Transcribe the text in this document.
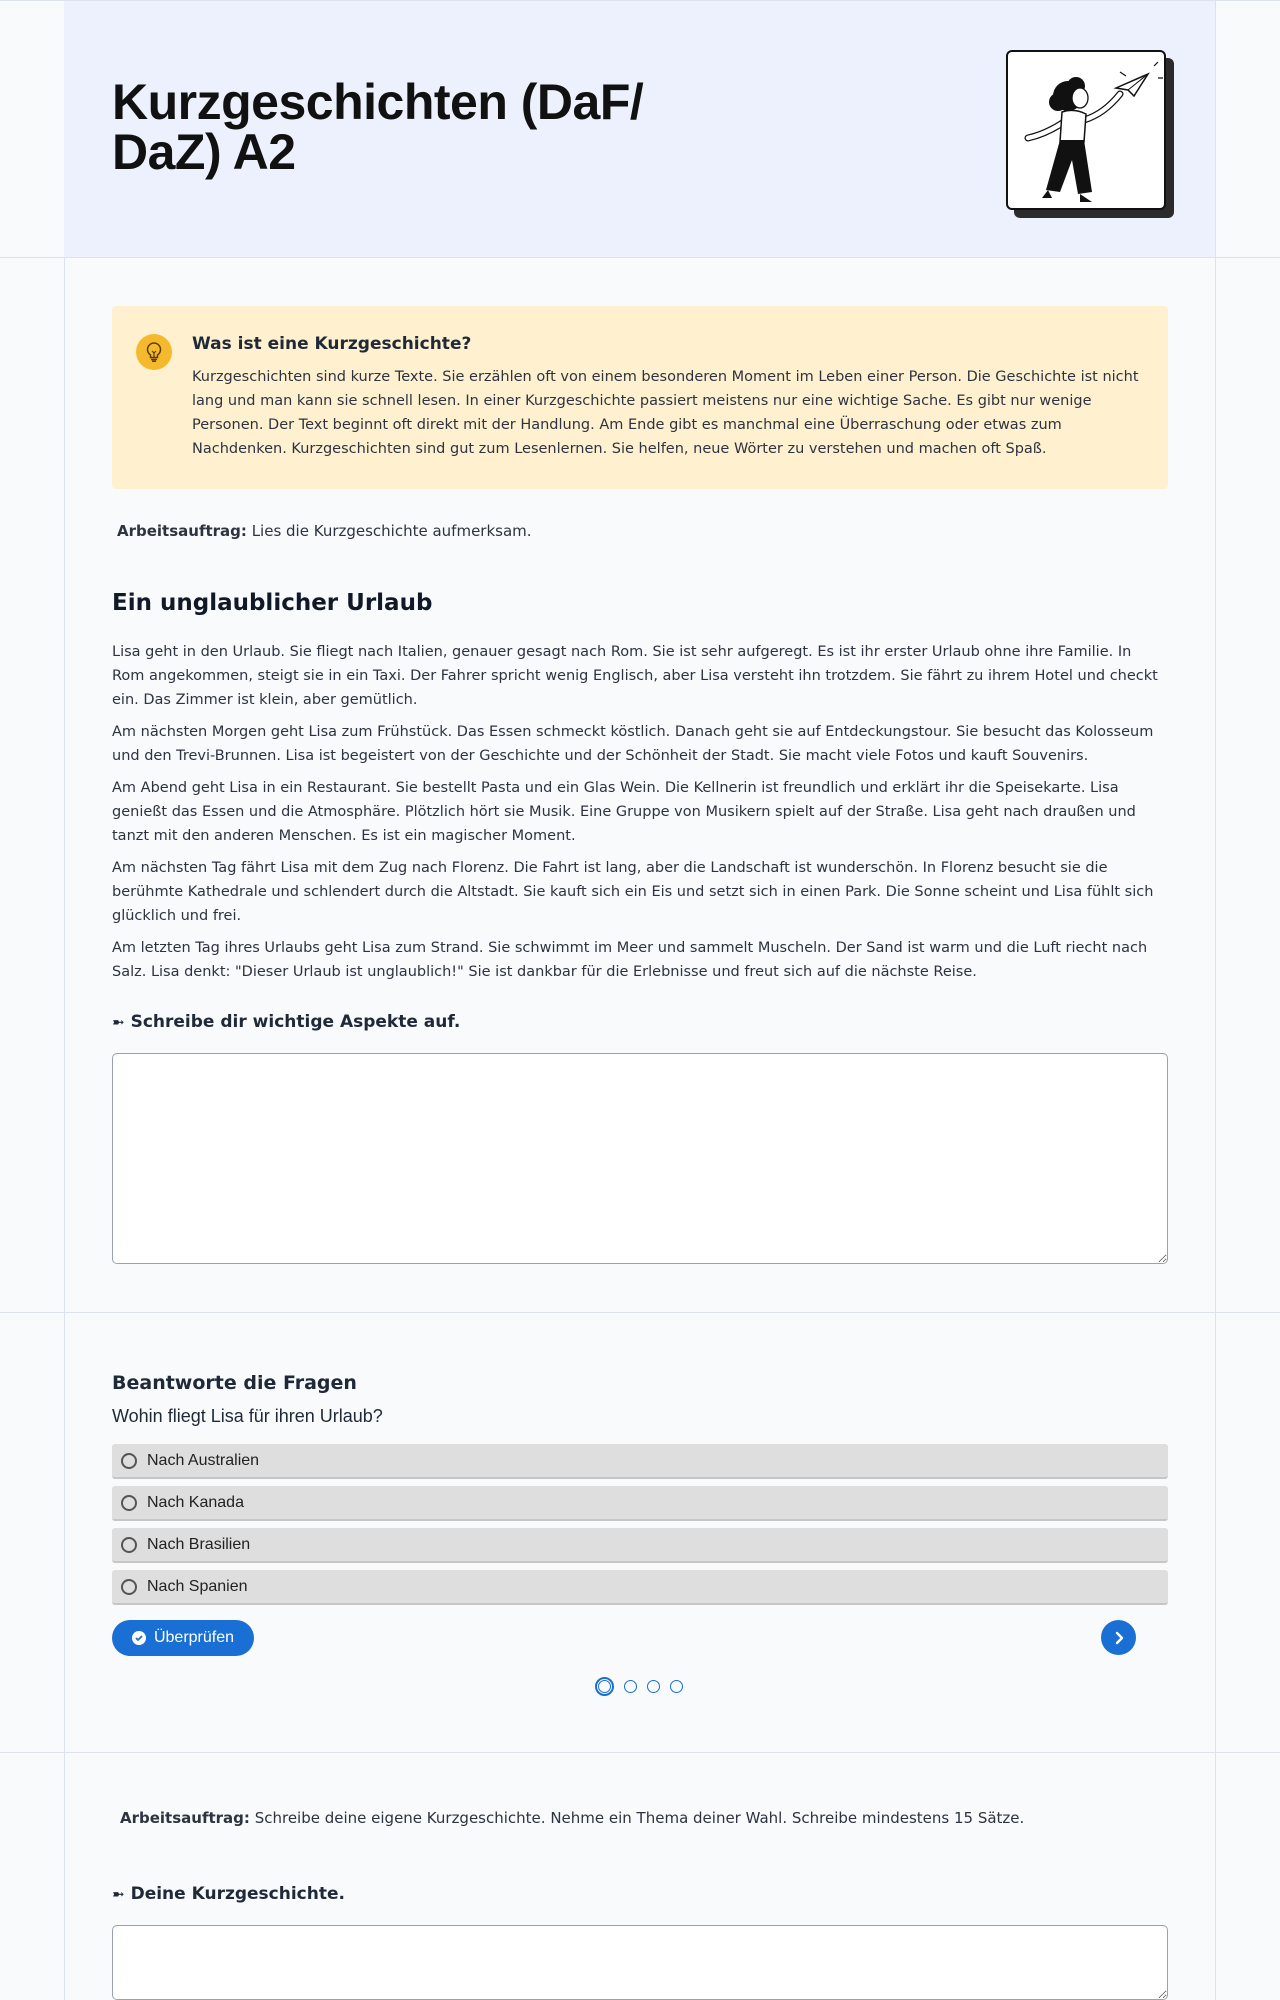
Kurzgeschichten (DaF/ DaZ) A2
Was ist eine Kurzgeschichte?
Kurzgeschichten sind kurze Texte. Sie erzählen oft von einem besonderen Moment im Leben einer Person. Die Geschichte ist nicht lang und man kann sie schnell lesen. In einer Kurzgeschichte passiert meistens nur eine wichtige Sache. Es gibt nur wenige Personen. Der Text beginnt oft direkt mit der Handlung. Am Ende gibt es manchmal eine Überraschung oder etwas zum Nachdenken. Kurzgeschichten sind gut zum Lesenlernen. Sie helfen, neue Wörter zu verstehen und machen oft Spaß.
Arbeitsauftrag: Lies die Kurzgeschichte aufmerksam.
Ein unglaublicher Urlaub

Lisa geht in den Urlaub. Sie fliegt nach Italien, genauer gesagt nach Rom. Sie ist sehr aufgeregt. Es ist ihr erster Urlaub ohne ihre Familie. In Rom angekommen, steigt sie in ein Taxi. Der Fahrer spricht wenig Englisch, aber Lisa versteht ihn trotzdem. Sie fährt zu ihrem Hotel und checkt ein. Das Zimmer ist klein, aber gemütlich.

Am nächsten Morgen geht Lisa zum Frühstück. Das Essen schmeckt köstlich. Danach geht sie auf Entdeckungstour. Sie besucht das Kolosseum und den Trevi-Brunnen. Lisa ist begeistert von der Geschichte und der Schönheit der Stadt. Sie macht viele Fotos und kauft Souvenirs.

Am Abend geht Lisa in ein Restaurant. Sie bestellt Pasta und ein Glas Wein. Die Kellnerin ist freundlich und erklärt ihr die Speisekarte. Lisa genießt das Essen und die Atmosphäre. Plötzlich hört sie Musik. Eine Gruppe von Musikern spielt auf der Straße. Lisa geht nach draußen und tanzt mit den anderen Menschen. Es ist ein magischer Moment.

Am nächsten Tag fährt Lisa mit dem Zug nach Florenz. Die Fahrt ist lang, aber die Landschaft ist wunderschön. In Florenz besucht sie die berühmte Kathedrale und schlendert durch die Altstadt. Sie kauft sich ein Eis und setzt sich in einen Park. Die Sonne scheint und Lisa fühlt sich glücklich und frei.

Am letzten Tag ihres Urlaubs geht Lisa zum Strand. Sie schwimmt im Meer und sammelt Muscheln. Der Sand ist warm und die Luft riecht nach Salz. Lisa denkt: "Dieser Urlaub ist unglaublich!" Sie ist dankbar für die Erlebnisse und freut sich auf die nächste Reise.

➼ Schreibe dir wichtige Aspekte auf.
Beantworte die Fragen
Wohin fliegt Lisa für ihren Urlaub?
Nach Australien
Nach Kanada
Nach Brasilien
Nach Spanien
Überprüfen
Arbeitsauftrag: Schreibe deine eigene Kurzgeschichte. Nehme ein Thema deiner Wahl. Schreibe mindestens 15 Sätze.
➼ Deine Kurzgeschichte.
